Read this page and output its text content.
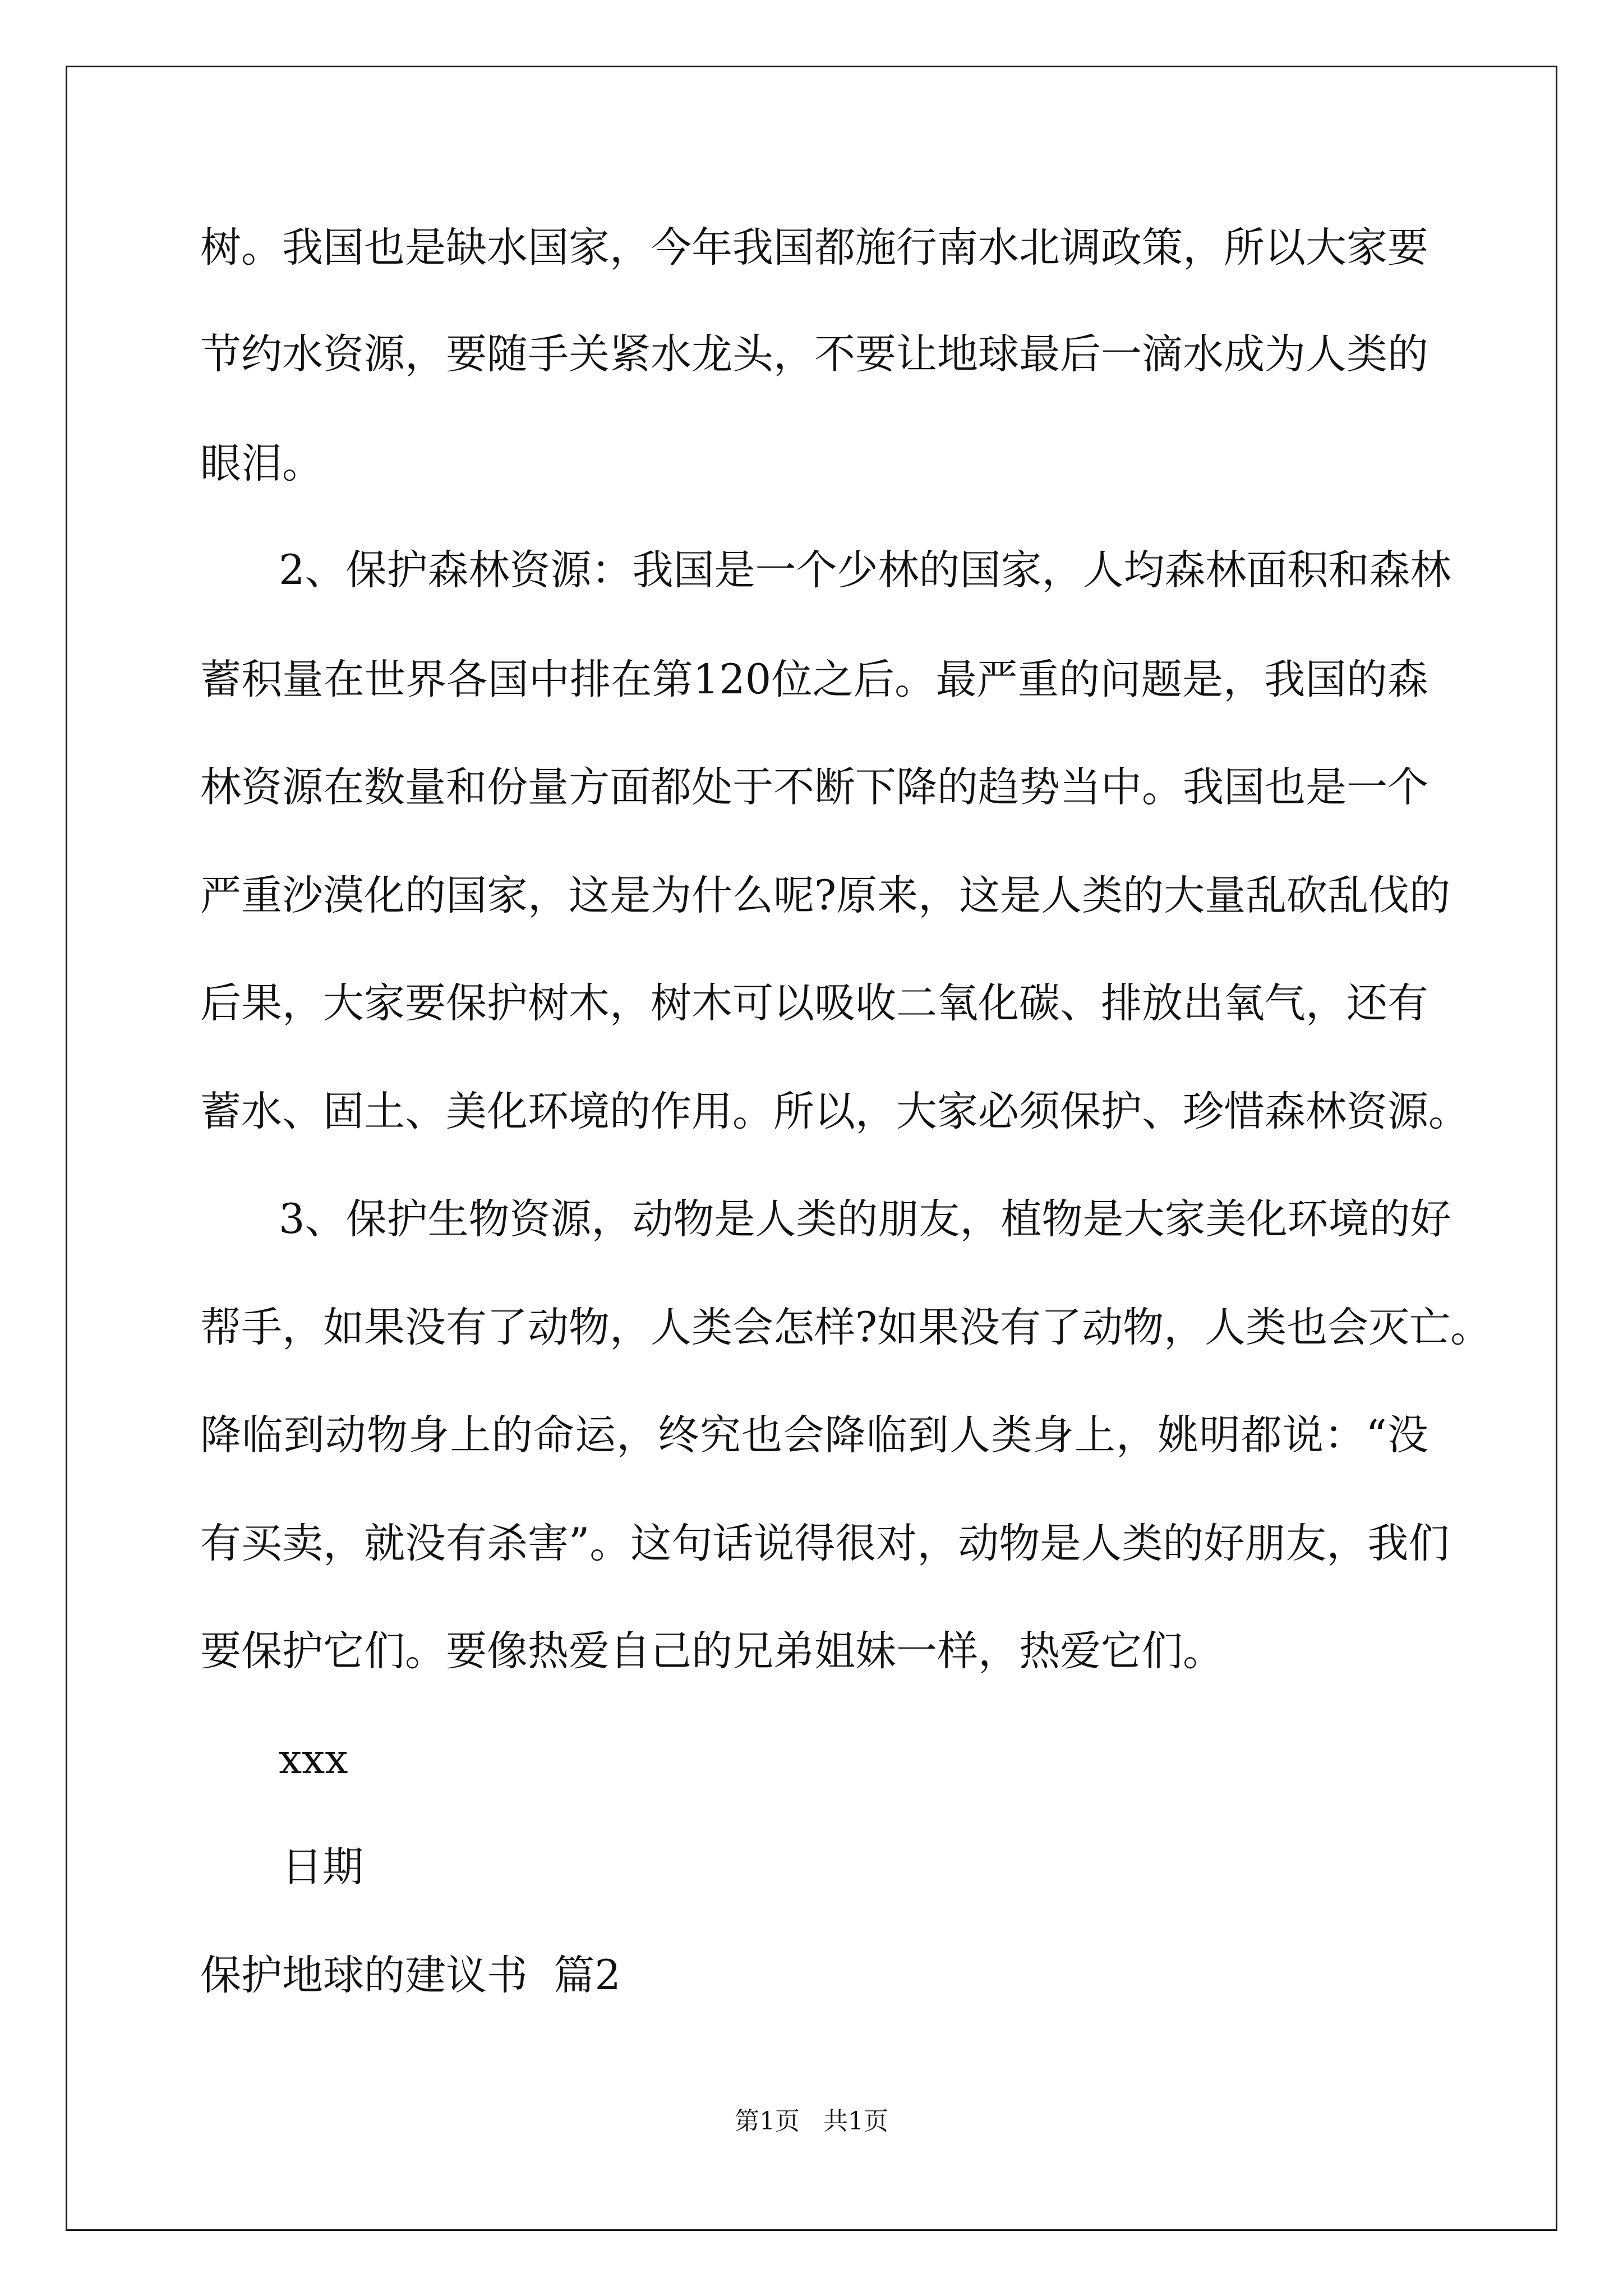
树。我国也是缺水国家，今年我国都施行南水北调政策，所以大家要
节约水资源，要随手关紧水龙头，不要让地球最后一滴水成为人类的
眼泪。
2、保护森林资源：我国是一个少林的国家，人均森林面积和森林
蓄积量在世界各国中排在第120位之后。最严重的问题是，我国的森
林资源在数量和份量方面都处于不断下降的趋势当中。我国也是一个
严重沙漠化的国家，这是为什么呢?原来，这是人类的大量乱砍乱伐的
后果，大家要保护树木，树木可以吸收二氧化碳、排放出氧气，还有
蓄水、固土、美化环境的作用。所以，大家必须保护、珍惜森林资源。
3、保护生物资源，动物是人类的朋友，植物是大家美化环境的好
帮手，如果没有了动物，人类会怎样?如果没有了动物，人类也会灭亡。
降临到动物身上的命运，终究也会降临到人类身上，姚明都说：“没
有买卖，就没有杀害”。这句话说得很对，动物是人类的好朋友，我们
要保护它们。要像热爱自己的兄弟姐妹一样，热爱它们。
xxx
日期
保护地球的建议书  篇2
第1页   共1页
